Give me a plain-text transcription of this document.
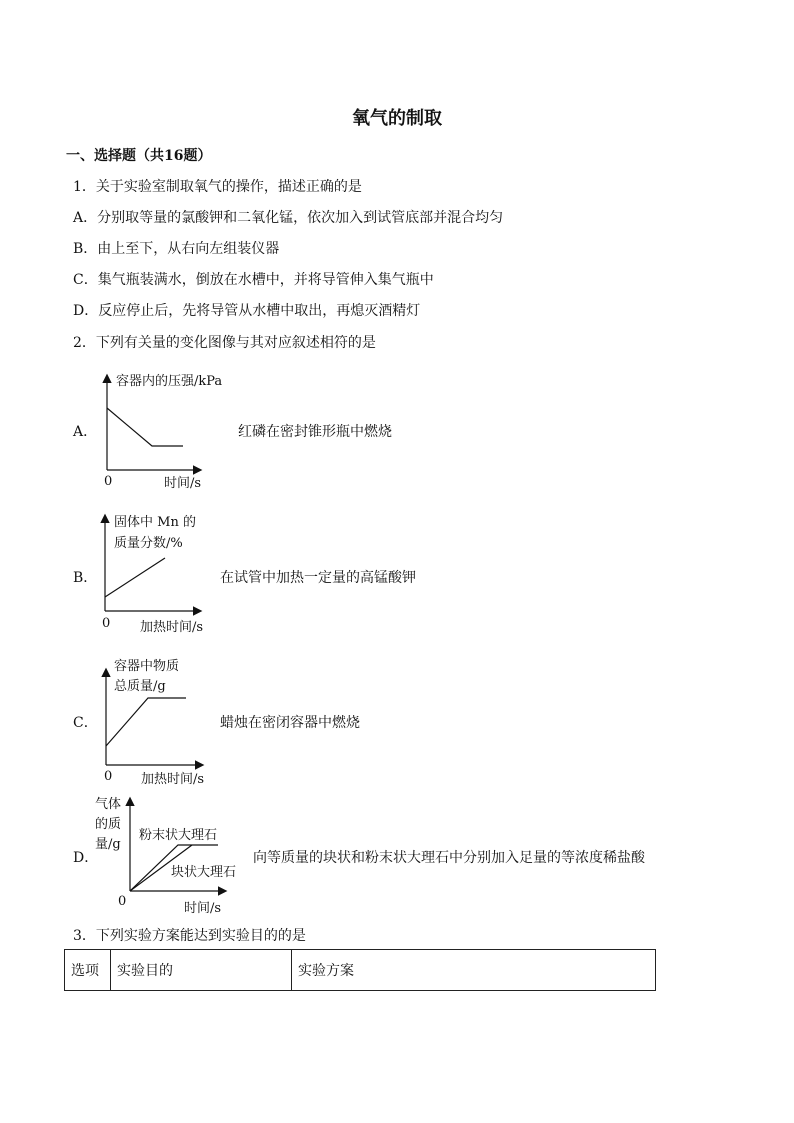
氧气的制取
一、选择题（共16题）
1．关于实验室制取氧气的操作，描述正确的是
A．分别取等量的氯酸钾和二氧化锰，依次加入到试管底部并混合均匀
B．由上至下，从右向左组装仪器
C．集气瓶装满水，倒放在水槽中，并将导管伸入集气瓶中
D．反应停止后，先将导管从水槽中取出，再熄灭酒精灯
2．下列有关量的变化图像与其对应叙述相符的是
A．
容器内的压强/kPa
0	时间/s
红磷在密封锥形瓶中燃烧
B．
固体中 Mn 的
质量分数/%
0 加热时间/s
在试管中加热一定量的高锰酸钾
C．
容器中物质
总质量/g
0 加热时间/s
蜡烛在密闭容器中燃烧
D．
气体
的质
量/g
粉末状大理石
块状大理石
0	时间/s
向等质量的块状和粉末状大理石中分别加入足量的等浓度稀盐酸
3．下列实验方案能达到实验目的的是
选项	实验目的	实验方案
